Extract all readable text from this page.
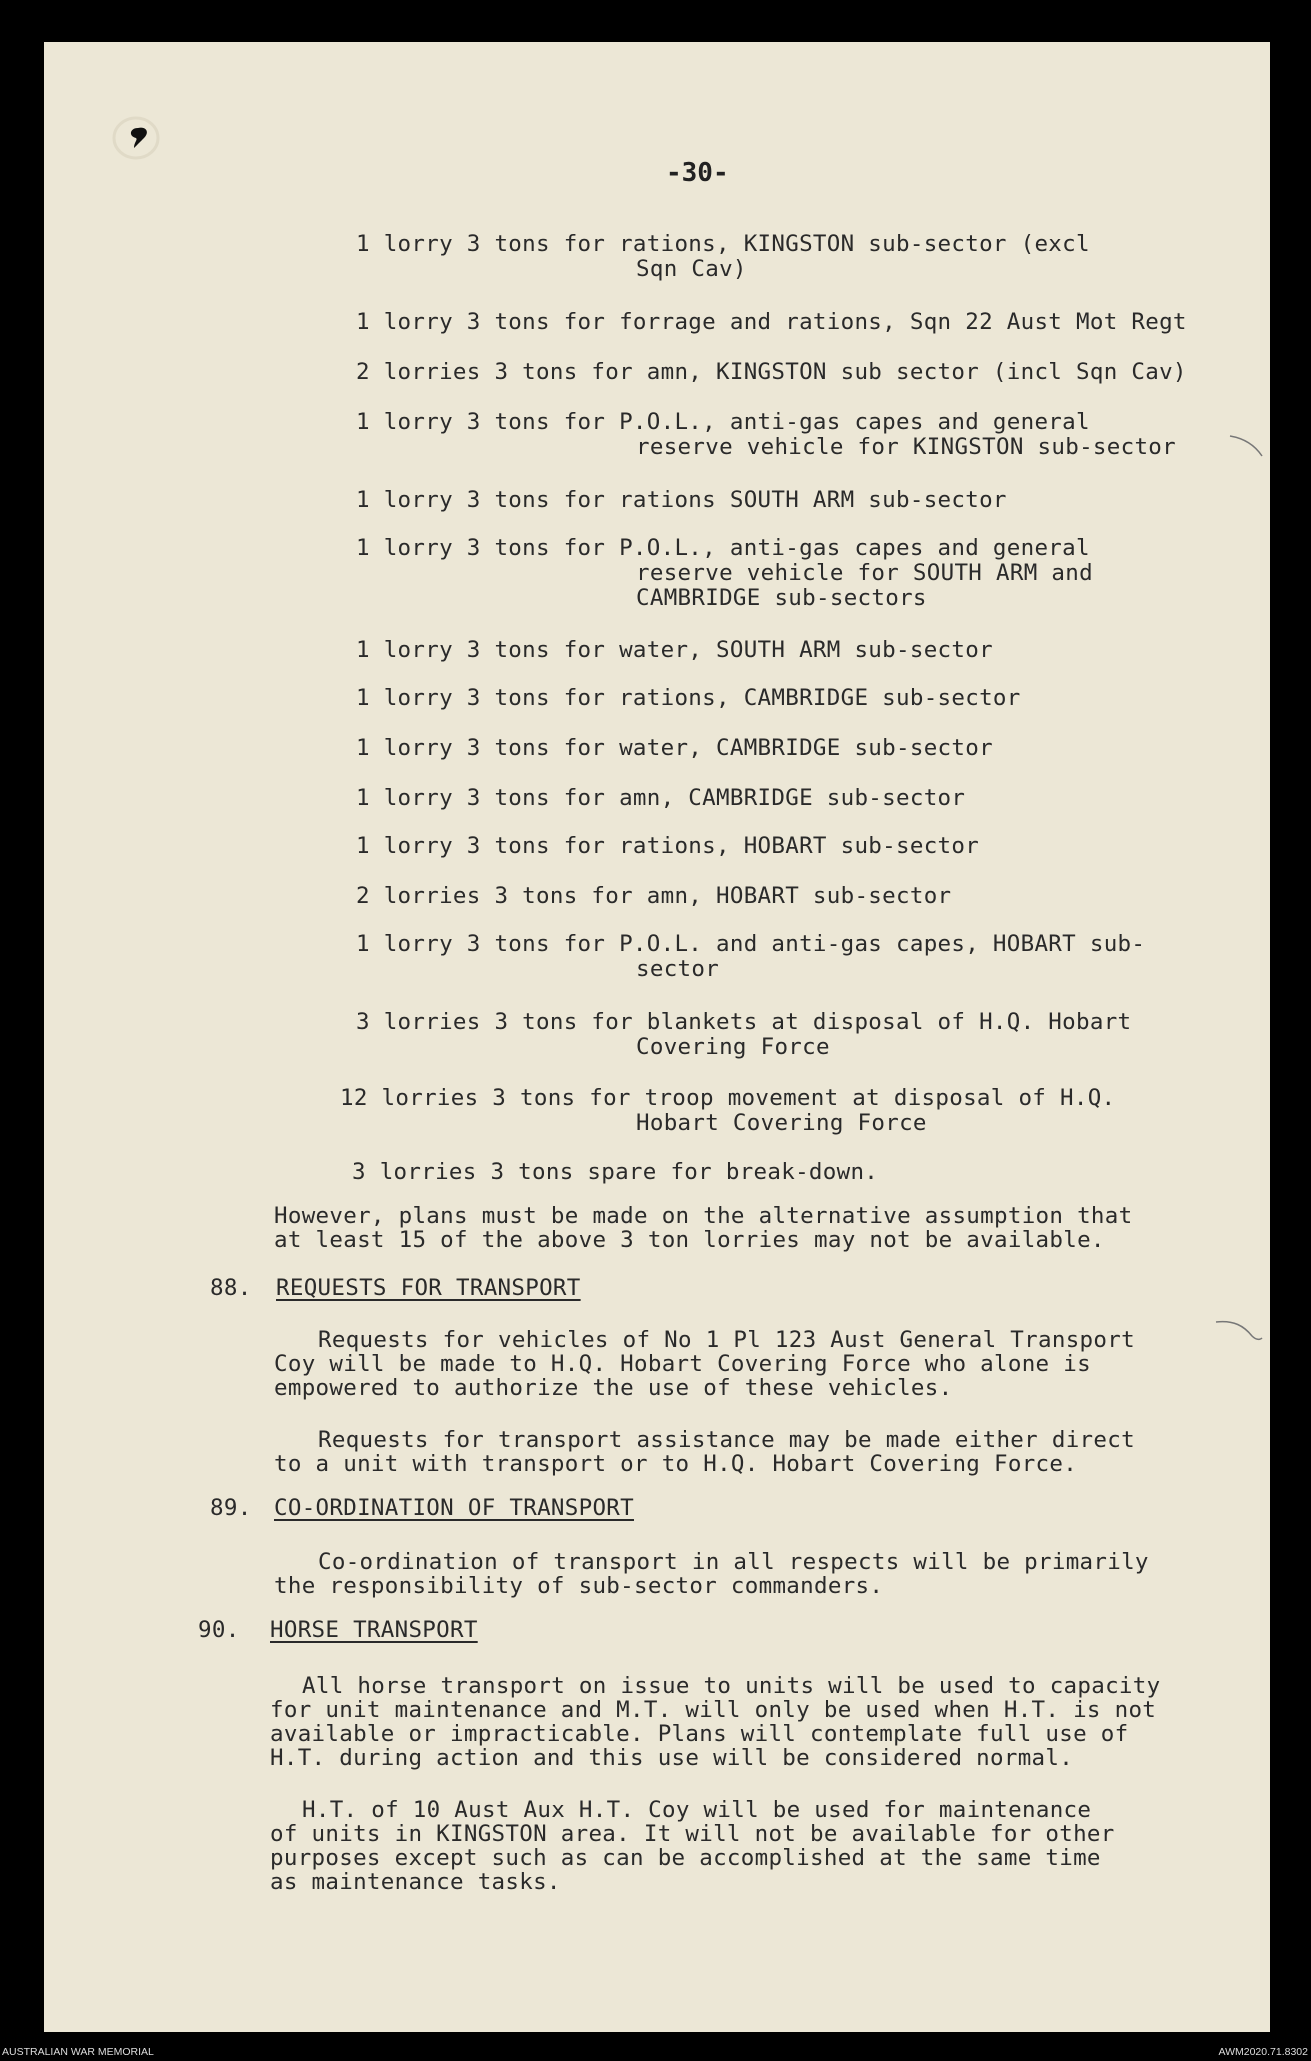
-30-
1 lorry 3 tons for rations, KINGSTON sub-sector (excl
Sqn Cav)
1 lorry 3 tons for forrage and rations, Sqn 22 Aust Mot Regt
2 lorries 3 tons for amn, KINGSTON sub sector (incl Sqn Cav)
1 lorry 3 tons for P.O.L., anti-gas capes and general
reserve vehicle for KINGSTON sub-sector
1 lorry 3 tons for rations SOUTH ARM sub-sector
1 lorry 3 tons for P.O.L., anti-gas capes and general
reserve vehicle for SOUTH ARM and
CAMBRIDGE sub-sectors
1 lorry 3 tons for water, SOUTH ARM sub-sector
1 lorry 3 tons for rations, CAMBRIDGE sub-sector
1 lorry 3 tons for water, CAMBRIDGE sub-sector
1 lorry 3 tons for amn, CAMBRIDGE sub-sector
1 lorry 3 tons for rations, HOBART sub-sector
2 lorries 3 tons for amn, HOBART sub-sector
1 lorry 3 tons for P.O.L. and anti-gas capes, HOBART sub-
sector
3 lorries 3 tons for blankets at disposal of H.Q. Hobart
Covering Force
12 lorries 3 tons for troop movement at disposal of H.Q.
Hobart Covering Force
3 lorries 3 tons spare for break-down.
However, plans must be made on the alternative assumption that
at least 15 of the above 3 ton lorries may not be available.
88. REQUESTS FOR TRANSPORT
Requests for vehicles of No 1 Pl 123 Aust General Transport
Coy will be made to H.Q. Hobart Covering Force who alone is
empowered to authorize the use of these vehicles.
Requests for transport assistance may be made either direct
to a unit with transport or to H.Q. Hobart Covering Force.
89. CO-ORDINATION OF TRANSPORT
Co-ordination of transport in all respects will be primarily
the responsibility of sub-sector commanders.
90. HORSE TRANSPORT
All horse transport on issue to units will be used to capacity
for unit maintenance and M.T. will only be used when H.T. is not
available or impracticable. Plans will contemplate full use of
H.T. during action and this use will be considered normal.
H.T. of 10 Aust Aux H.T. Coy will be used for maintenance
of units in KINGSTON area. It will not be available for other
purposes except such as can be accomplished at the same time
as maintenance tasks.
AUSTRALIAN WAR MEMORIAL	AWM2020.71.8302
